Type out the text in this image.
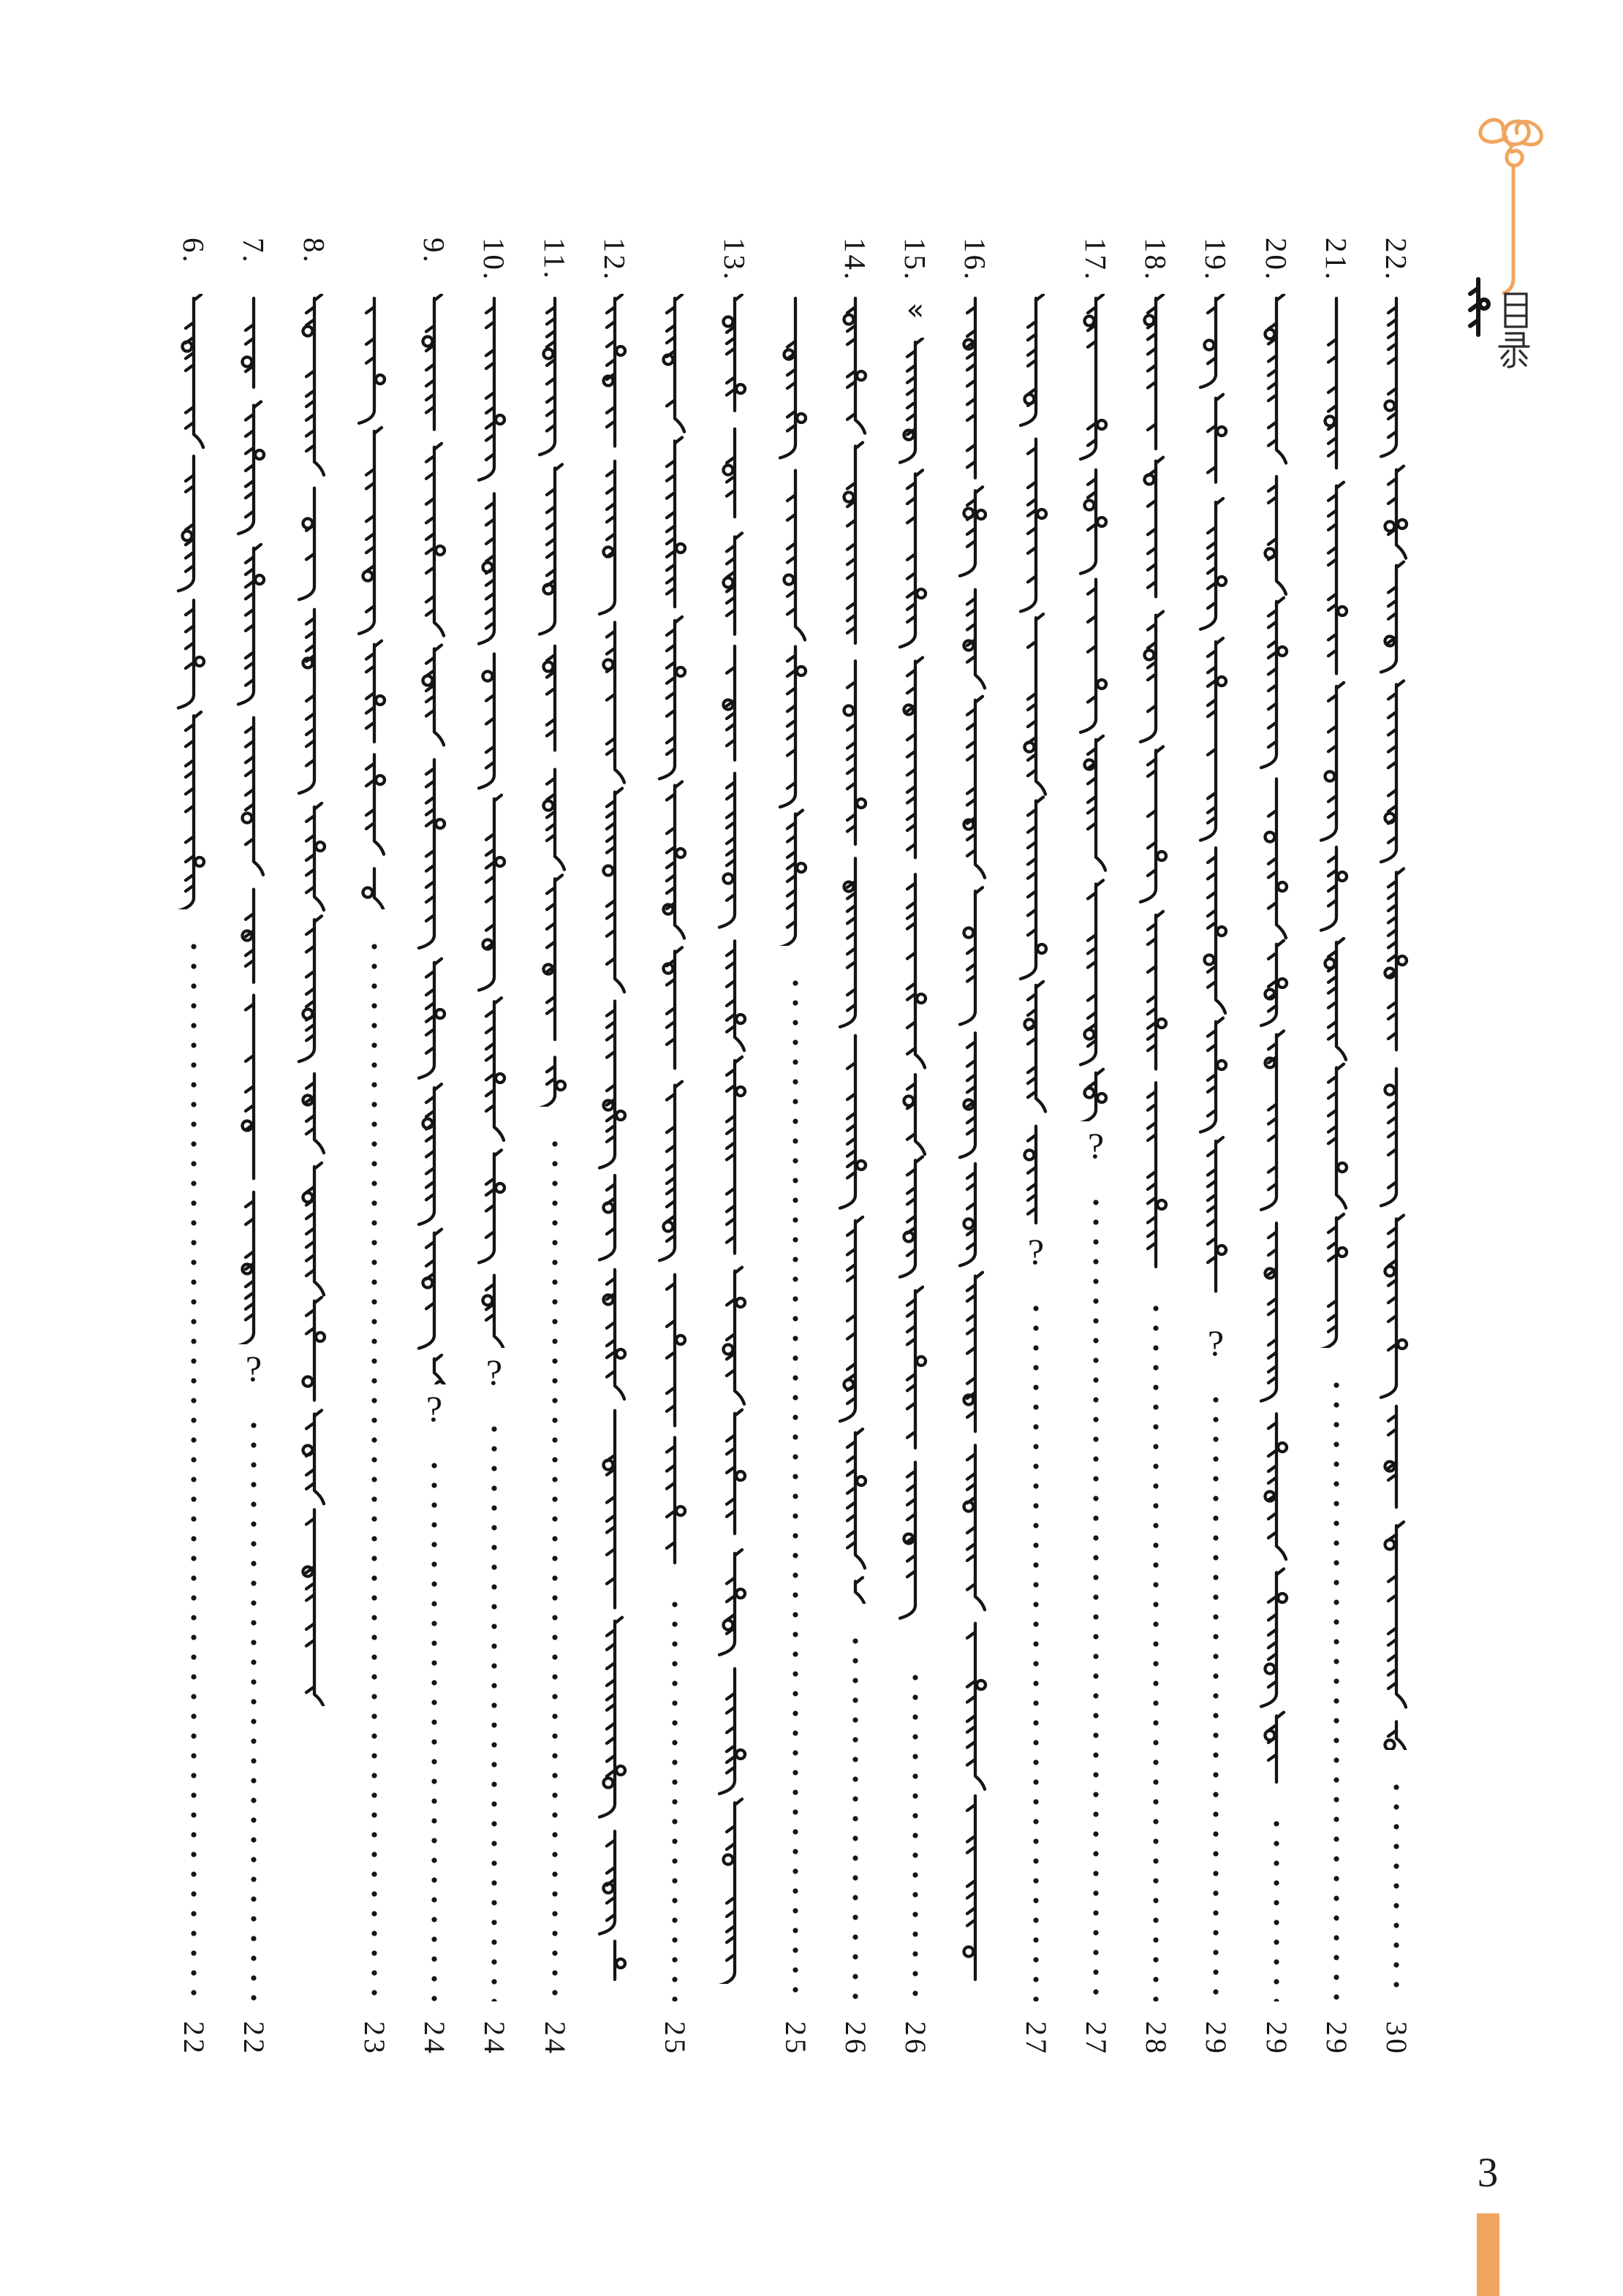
6.
22
7.
?
22
8.
23
9.
?
24
10.
?
24
11.
24
12.
25
13.
25
14.
26
15.
«
26
16.
?
27
17.
?
27
18.
28
19.
?
29
20.
29
21.
29
22.
30
3
